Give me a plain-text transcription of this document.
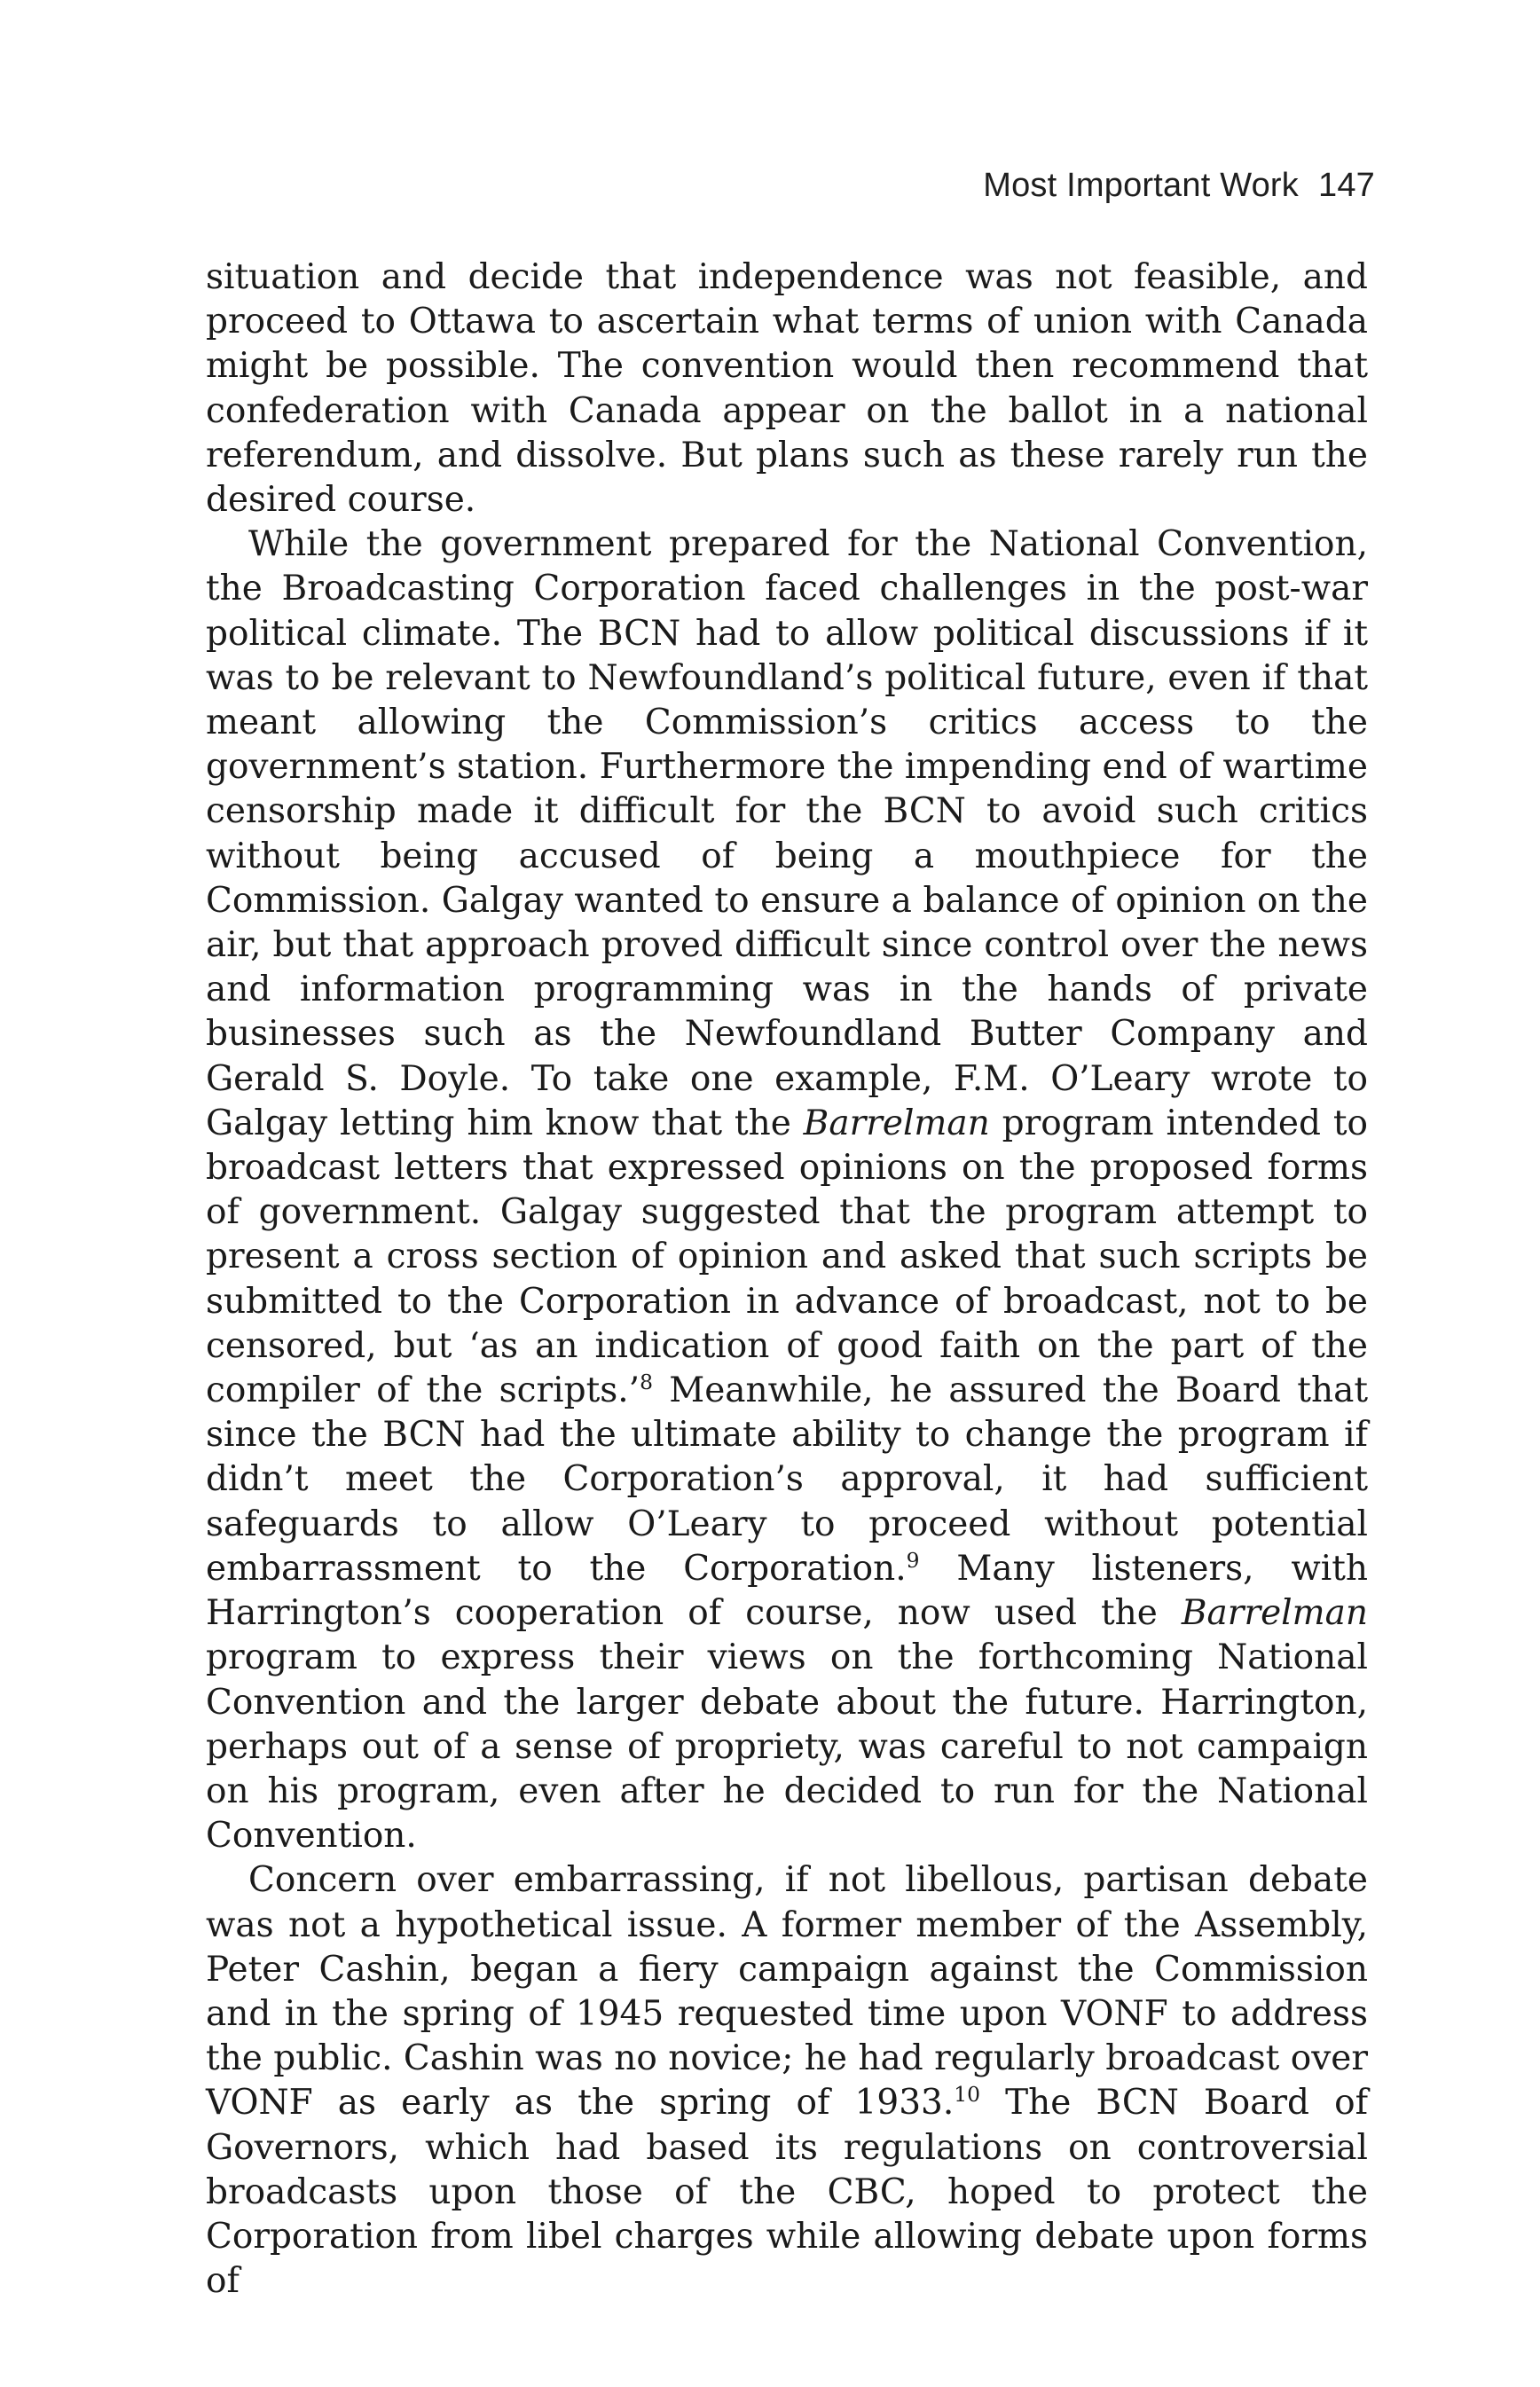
Most Important Work 147

situation and decide that independence was not feasible, and proceed to Ottawa to ascertain what terms of union with Canada might be possible. The convention would then recommend that confederation with Canada appear on the ballot in a national referendum, and dissolve. But plans such as these rarely run the desired course.

While the government prepared for the National Convention, the Broadcasting Corporation faced challenges in the post-war political climate. The BCN had to allow political discussions if it was to be relevant to Newfoundland’s political future, even if that meant allowing the Commission’s critics access to the government’s station. Furthermore the impending end of wartime censorship made it difficult for the BCN to avoid such critics without being accused of being a mouthpiece for the Commission. Galgay wanted to ensure a balance of opinion on the air, but that approach proved difficult since control over the news and information programming was in the hands of private businesses such as the Newfoundland Butter Company and Gerald S. Doyle. To take one example, F.M. O’Leary wrote to Galgay letting him know that the Barrelman program intended to broadcast letters that expressed opinions on the proposed forms of government. Galgay suggested that the program attempt to present a cross section of opinion and asked that such scripts be submitted to the Corporation in advance of broadcast, not to be censored, but ‘as an indication of good faith on the part of the compiler of the scripts.’$^8$ Meanwhile, he assured the Board that since the BCN had the ultimate ability to change the program if didn’t meet the Corporation’s approval, it had sufficient safeguards to allow O’Leary to proceed without potential embarrassment to the Corporation.$^9$ Many listeners, with Harrington’s cooperation of course, now used the Barrelman program to express their views on the forthcoming National Convention and the larger debate about the future. Harrington, perhaps out of a sense of propriety, was careful to not campaign on his program, even after he decided to run for the National Convention.

Concern over embarrassing, if not libellous, partisan debate was not a hypothetical issue. A former member of the Assembly, Peter Cashin, began a fiery campaign against the Commission and in the spring of 1945 requested time upon VONF to address the public. Cashin was no novice; he had regularly broadcast over VONF as early as the spring of 1933.10 The BCN Board of Governors, which had based its regulations on controversial broadcasts upon those of the CBC, hoped to protect the Corporation from libel charges while allowing debate upon forms of
